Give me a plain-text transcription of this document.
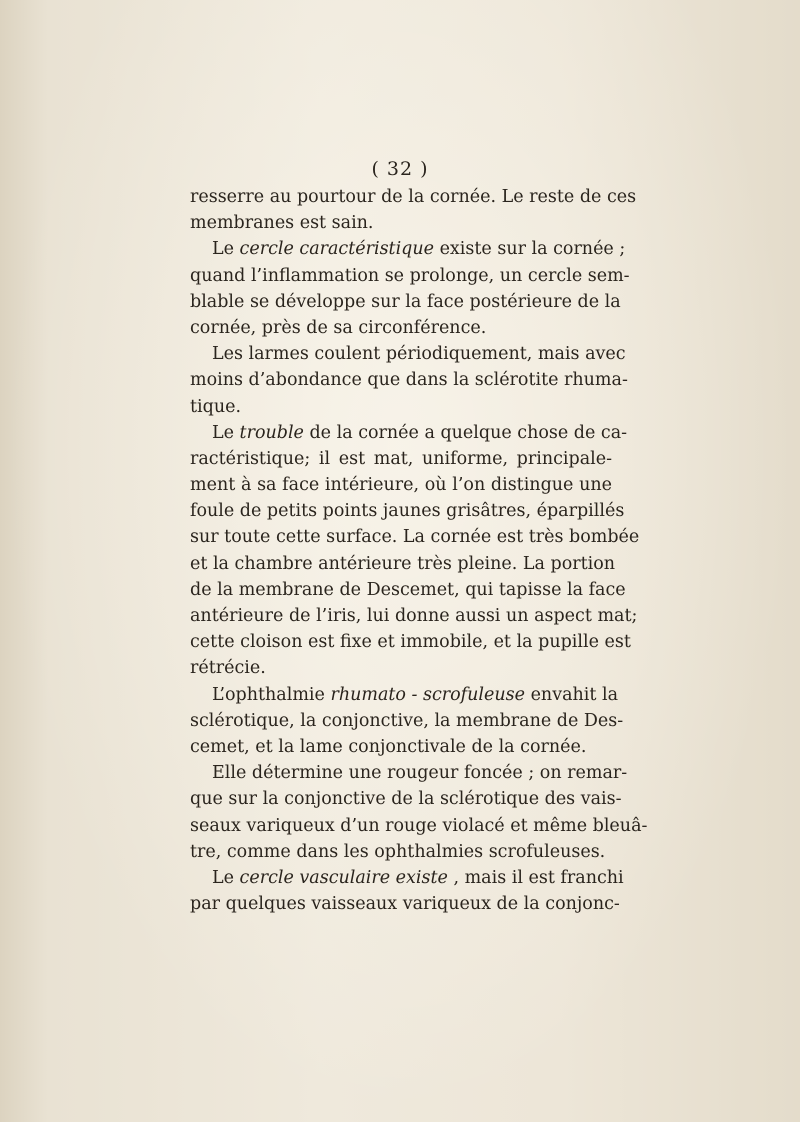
( 32 )
resserre au pourtour de la cornée. Le reste de ces
membranes est sain.
Le cercle caractéristique existe sur la cornée ;
quand l’inflammation se prolonge, un cercle sem-
blable se développe sur la face postérieure de la
cornée, près de sa circonférence.
Les larmes coulent périodiquement, mais avec
moins d’abondance que dans la sclérotite rhuma-
tique.
Le trouble de la cornée a quelque chose de ca-
ractéristique; il est mat, uniforme, principale-
ment à sa face intérieure, où l’on distingue une
foule de petits points jaunes grisâtres, éparpillés
sur toute cette surface. La cornée est très bombée
et la chambre antérieure très pleine. La portion
de la membrane de Descemet, qui tapisse la face
antérieure de l’iris, lui donne aussi un aspect mat;
cette cloison est fixe et immobile, et la pupille est
rétrécie.
L’ophthalmie rhumato - scrofuleuse envahit la
sclérotique, la conjonctive, la membrane de Des-
cemet, et la lame conjonctivale de la cornée.
Elle détermine une rougeur foncée ; on remar-
que sur la conjonctive de la sclérotique des vais-
seaux variqueux d’un rouge violacé et même bleuâ-
tre, comme dans les ophthalmies scrofuleuses.
Le cercle vasculaire existe , mais il est franchi
par quelques vaisseaux variqueux de la conjonc-
